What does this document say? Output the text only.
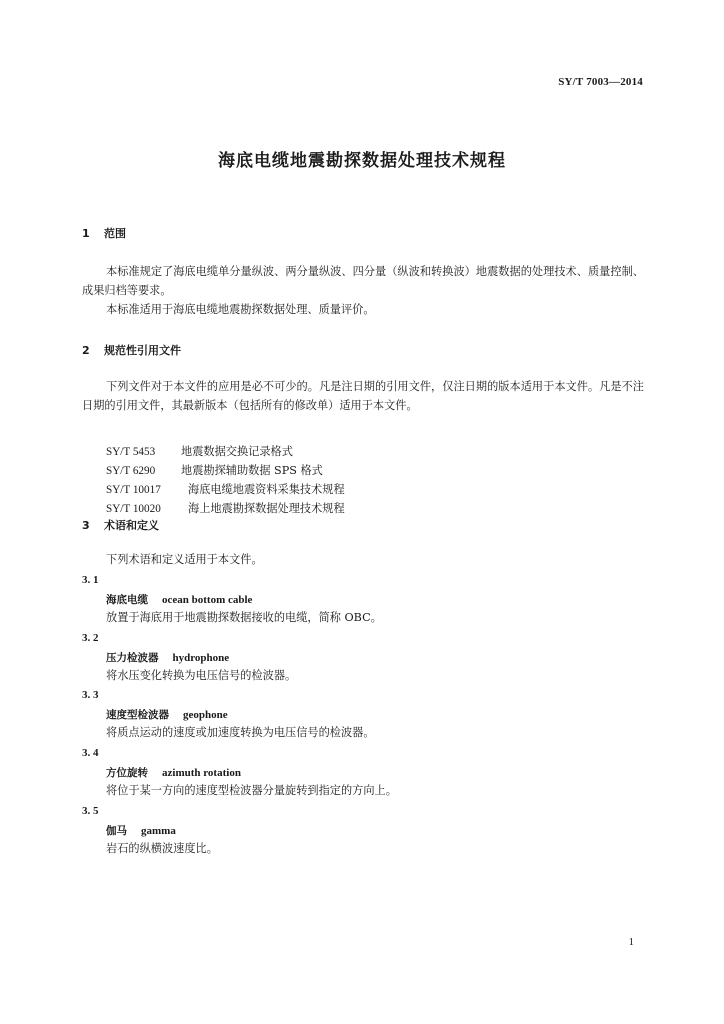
SY/T 7003—2014
海底电缆地震勘探数据处理技术规程
1 范围

本标准规定了海底电缆单分量纵波、两分量纵波、四分量（纵波和转换波）地震数据的处理技术、质量控制、成果归档等要求。

本标准适用于海底电缆地震勘探数据处理、质量评价。

2 规范性引用文件

下列文件对于本文件的应用是必不可少的。凡是注日期的引用文件，仅注日期的版本适用于本文件。凡是不注日期的引用文件，其最新版本（包括所有的修改单）适用于本文件。

SY/T 5453 地震数据交换记录格式
SY/T 6290 地震勘探辅助数据 SPS 格式
SY/T 10017 海底电缆地震资料采集技术规程
SY/T 10020 海上地震勘探数据处理技术规程
3 术语和定义

下列术语和定义适用于本文件。

3. 1
海底电缆 ocean bottom cable
放置于海底用于地震勘探数据接收的电缆，简称 OBC。
3. 2
压力检波器 hydrophone
将水压变化转换为电压信号的检波器。
3. 3
速度型检波器 geophone
将质点运动的速度或加速度转换为电压信号的检波器。
3. 4
方位旋转 azimuth rotation
将位于某一方向的速度型检波器分量旋转到指定的方向上。
3. 5
伽马 gamma
岩石的纵横波速度比。
1
